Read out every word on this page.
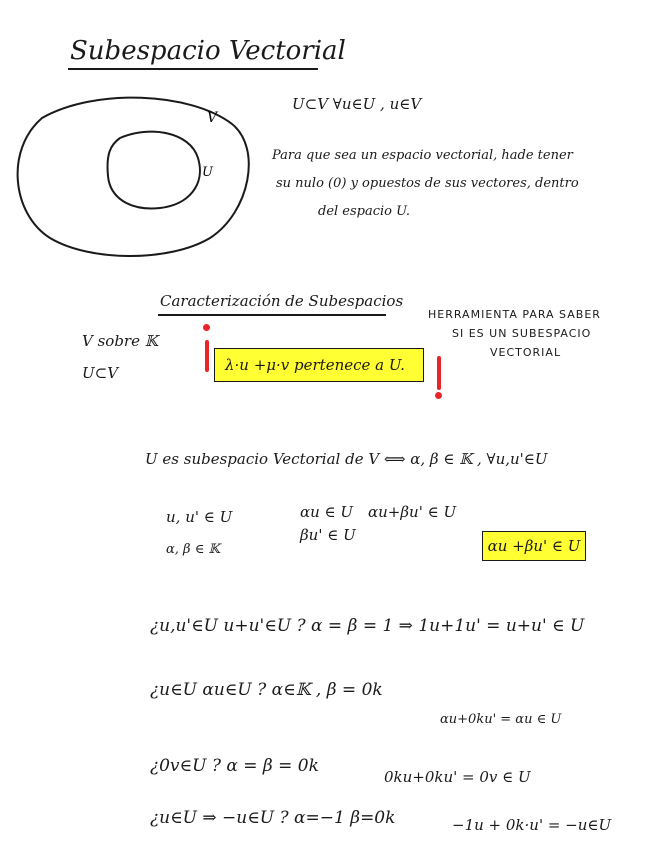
Subespacio Vectorial
V
U
U⊂V ∀u∈U , u∈V
Para que sea un espacio vectorial, hade tener
su nulo (0) y opuestos de sus vectores, dentro
del espacio U.
Caracterización de Subespacios
V sobre 𝕂
U⊂V	λ·u +μ·v pertenece a U.
HERRAMIENTA PARA SABER
SI ES UN SUBESPACIO
VECTORIAL
U es subespacio Vectorial de V ⟺ α, β ∈ 𝕂 , ∀u,u'∈U
u, u' ∈ U
α, β ∈ 𝕂
αu ∈ U
βu' ∈ U
αu+βu' ∈ U
αu +βu' ∈ U
¿u,u'∈U u+u'∈U ? α = β = 1 ⇒ 1u+1u' = u+u' ∈ U
¿u∈U αu∈U ? α∈𝕂 , β = 0k
αu+0ku' = αu ∈ U
¿0v∈U ? α = β = 0k
0ku+0ku' = 0v ∈ U
¿u∈U ⇒ −u∈U ? α=−1 β=0k	−1u + 0k·u' = −u∈U
